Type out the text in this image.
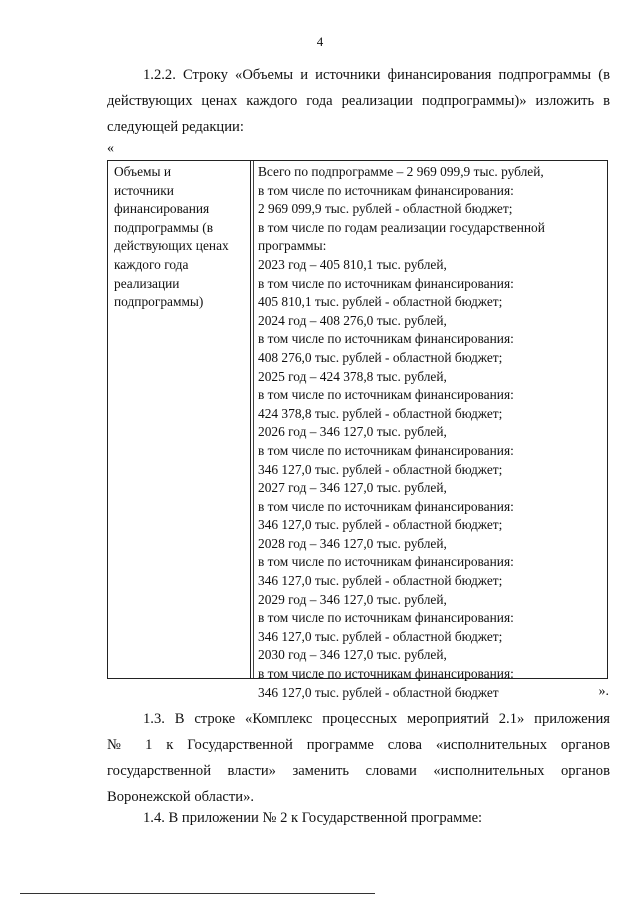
4
1.2.2. Строку «Объемы и источники финансирования подпрограммы (в
действующих ценах каждого года реализации подпрограммы)» изложить в
следующей редакции:
«
Объемы и
источники
финансирования
подпрограммы (в
действующих ценах
каждого года
реализации
подпрограммы)
Всего по подпрограмме – 2 969 099,9 тыс. рублей,
в том числе по источникам финансирования:
2 969 099,9 тыс. рублей - областной бюджет;
в том числе по годам реализации государственной
программы:
2023 год – 405 810,1 тыс. рублей,
в том числе по источникам финансирования:
405 810,1 тыс. рублей - областной бюджет;
2024 год – 408 276,0 тыс. рублей,
в том числе по источникам финансирования:
408 276,0 тыс. рублей - областной бюджет;
2025 год – 424 378,8 тыс. рублей,
в том числе по источникам финансирования:
424 378,8 тыс. рублей - областной бюджет;
2026 год – 346 127,0 тыс. рублей,
в том числе по источникам финансирования:
346 127,0 тыс. рублей - областной бюджет;
2027 год – 346 127,0 тыс. рублей,
в том числе по источникам финансирования:
346 127,0 тыс. рублей - областной бюджет;
2028 год – 346 127,0 тыс. рублей,
в том числе по источникам финансирования:
346 127,0 тыс. рублей - областной бюджет;
2029 год – 346 127,0 тыс. рублей,
в том числе по источникам финансирования:
346 127,0 тыс. рублей - областной бюджет;
2030 год – 346 127,0 тыс. рублей,
в том числе по источникам финансирования:
346 127,0 тыс. рублей - областной бюджет	».
1.3. В строке «Комплекс процессных мероприятий 2.1» приложения
№ 1 к Государственной программе слова «исполнительных органов
государственной власти» заменить словами «исполнительных органов
Воронежской области».
1.4. В приложении № 2 к Государственной программе:
